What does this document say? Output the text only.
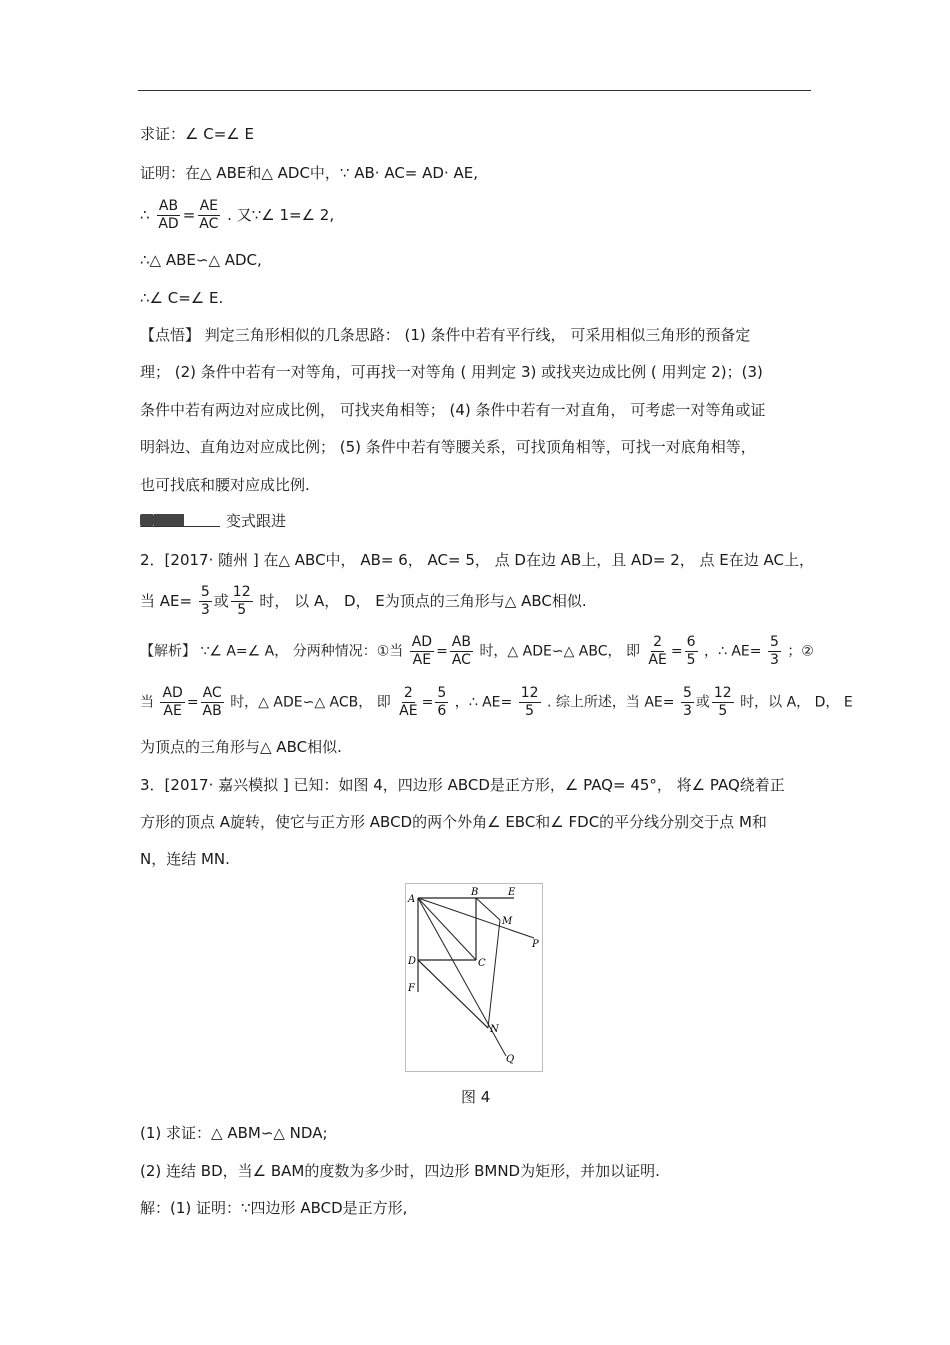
求证：∠ C=∠ E
证明：在△ ABE和△ ADC中，∵ AB· AC= AD· AE,
∴ $\frac{AB}{AD} = \frac{AE}{AC}$ . 又∵∠ 1=∠ 2,
∴△ ABE∽△ ADC,
∴∠ C=∠ E.
【点悟】 判定三角形相似的几条思路： (1) 条件中若有平行线， 可采用相似三角形的预备定
理； (2) 条件中若有一对等角，可再找一对等角 ( 用判定 3) 或找夹边成比例 ( 用判定 2)；(3)
条件中若有两边对应成比例， 可找夹角相等； (4) 条件中若有一对直角， 可考虑一对等角或证
明斜边、直角边对应成比例； (5) 条件中若有等腰关系，可找顶角相等，可找一对底角相等，
也可找底和腰对应成比例.
变式跟进
2．[2017· 随州 ] 在△ ABC中， AB= 6， AC= 5， 点 D在边 AB上，且 AD= 2， 点 E在边 AC上，
当 $AE= \frac{5}{3}$ 或 $\frac{12}{5}$ 时， 以 A， D， E为顶点的三角形与△ ABC相似.
【解析】 ∵∠ A=∠ A， 分两种情况：①当 $\frac{AD}{AE} = \frac{AB}{AC}$ 时，△ ADE∽△ ABC， 即 $\frac{2}{AE} = \frac{6}{5}$ ，∴ $AE= \frac{5}{3}$ ；②
当 $\frac{AD}{AE} = \frac{AC}{AB}$ 时，△ ADE∽△ ACB， 即 $\frac{2}{AE} = \frac{5}{6}$ ，∴ $AE= \frac{12}{5}$ . 综上所述，当 $AE= \frac{5}{3}$ 或 $\frac{12}{5}$ 时，以 A， D， E
为顶点的三角形与△ ABC相似.
3．[2017· 嘉兴模拟 ] 已知：如图 4，四边形 ABCD是正方形，∠ PAQ= 45°， 将∠ PAQ绕着正
方形的顶点 A旋转，使它与正方形 ABCD的两个外角∠ EBC和∠ FDC的平分线分别交于点 M和
N，连结 MN.
A
B	E
M
P
D	C
F
N
Q
图 4
(1) 求证：△ ABM∽△ NDA;
(2) 连结 BD，当∠ BAM的度数为多少时，四边形 BMND为矩形，并加以证明.
解：(1) 证明：∵四边形 ABCD是正方形,
